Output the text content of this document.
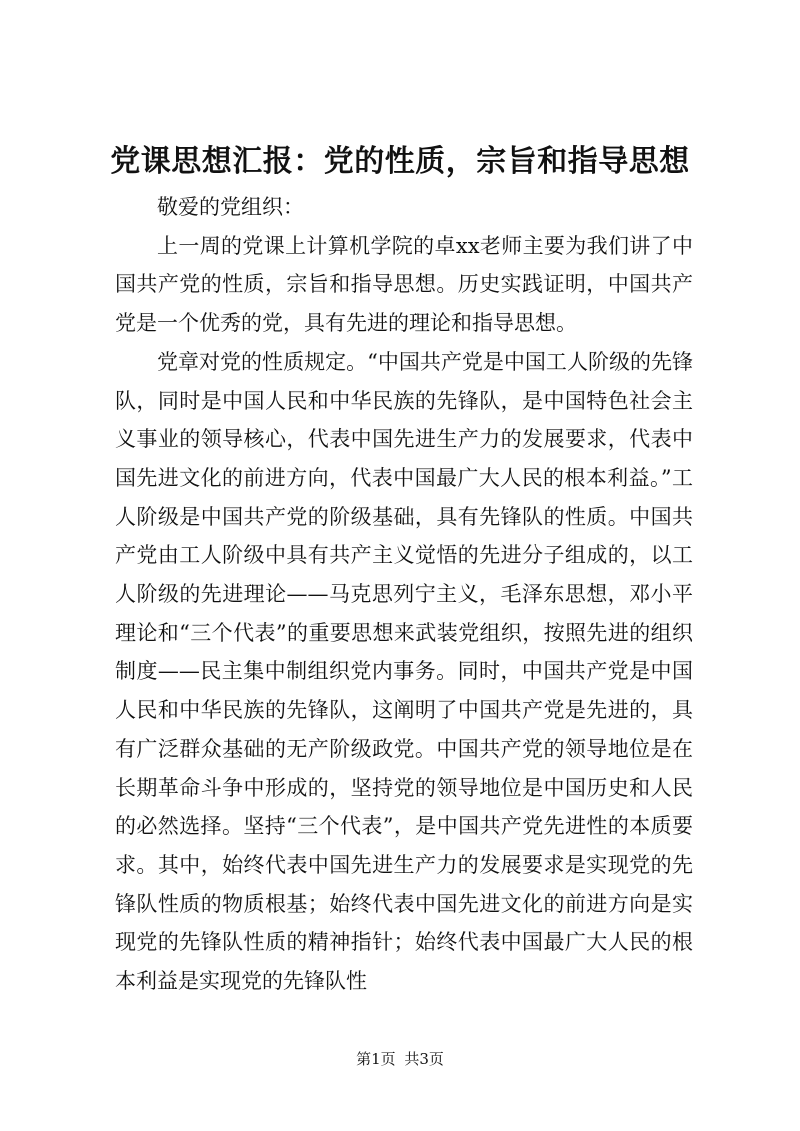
党课思想汇报：党的性质，宗旨和指导思想

敬爱的党组织：

上一周的党课上计算机学院的卓xx老师主要为我们讲了中国共产党的性质，宗旨和指导思想。历史实践证明，中国共产党是一个优秀的党，具有先进的理论和指导思想。

党章对党的性质规定。“中国共产党是中国工人阶级的先锋队，同时是中国人民和中华民族的先锋队，是中国特色社会主义事业的领导核心，代表中国先进生产力的发展要求，代表中国先进文化的前进方向，代表中国最广大人民的根本利益。”工人阶级是中国共产党的阶级基础，具有先锋队的性质。中国共产党由工人阶级中具有共产主义觉悟的先进分子组成的，以工人阶级的先进理论——马克思列宁主义，毛泽东思想，邓小平理论和“三个代表”的重要思想来武装党组织，按照先进的组织制度——民主集中制组织党内事务。同时，中国共产党是中国人民和中华民族的先锋队，这阐明了中国共产党是先进的，具有广泛群众基础的无产阶级政党。中国共产党的领导地位是在长期革命斗争中形成的，坚持党的领导地位是中国历史和人民的必然选择。坚持“三个代表”，是中国共产党先进性的本质要求。其中，始终代表中国先进生产力的发展要求是实现党的先锋队性质的物质根基；始终代表中国先进文化的前进方向是实现党的先锋队性质的精神指针；始终代表中国最广大人民的根本利益是实现党的先锋队性

第1页 共3页
